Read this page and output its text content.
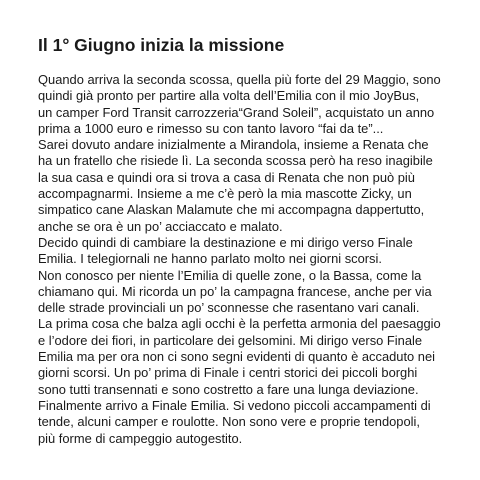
Il 1° Giugno inizia la missione
Quando arriva la seconda scossa, quella più forte del 29 Maggio, sono
quindi già pronto per partire alla volta dell’Emilia con il mio JoyBus,
un camper Ford Transit carrozzeria“Grand Soleil”, acquistato un anno
prima a 1000 euro e rimesso su con tanto lavoro “fai da te”...
Sarei dovuto andare inizialmente a Mirandola, insieme a Renata che
ha un fratello che risiede lì. La seconda scossa però ha reso inagibile
la sua casa e quindi ora si trova a casa di Renata che non può più
accompagnarmi. Insieme a me c’è però la mia mascotte Zicky, un
simpatico cane Alaskan Malamute che mi accompagna dappertutto,
anche se ora è un po’ acciaccato e malato.
Decido quindi di cambiare la destinazione e mi dirigo verso Finale
Emilia. I telegiornali ne hanno parlato molto nei giorni scorsi.
Non conosco per niente l’Emilia di quelle zone, o la Bassa, come la
chiamano qui. Mi ricorda un po’ la campagna francese, anche per via
delle strade provinciali un po’ sconnesse che rasentano vari canali.
La prima cosa che balza agli occhi è la perfetta armonia del paesaggio
e l’odore dei fiori, in particolare dei gelsomini. Mi dirigo verso Finale
Emilia ma per ora non ci sono segni evidenti di quanto è accaduto nei
giorni scorsi. Un po’ prima di Finale i centri storici dei piccoli borghi
sono tutti transennati e sono costretto a fare una lunga deviazione.
Finalmente arrivo a Finale Emilia. Si vedono piccoli accampamenti di
tende, alcuni camper e roulotte. Non sono vere e proprie tendopoli,
più forme di campeggio autogestito.
